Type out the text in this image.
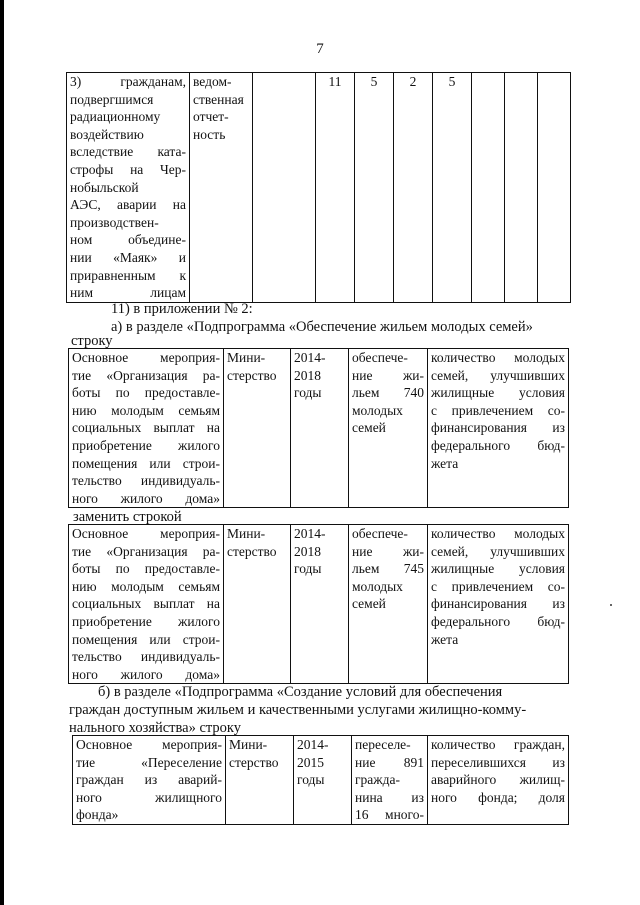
7
3)   гражданам,
подвергшимся
радиационному
воздействию
вследствие ката-
строфы на Чер-
нобыльской
АЭС, аварии на
производствен-
ном   объедине-
нии  «Маяк»  и
приравненным к
ним лицам	ведом-
ственная
отчет-
ность		11	5	2	5			
11) в приложении № 2:
а) в разделе «Подпрограмма «Обеспечение жильем молодых семей»
строку
Основное мероприя-
тие «Организация ра-
боты по предоставле-
нию молодым семьям
социальных выплат на
приобретение жилого
помещения или строи-
тельство индивидуаль-
ного жилого дома»	Мини-
стерство	2014-
2018
годы	обеспече-
ние    жи-
льем 740
молодых
семей	количество молодых
семей, улучшивших
жилищные условия
с привлечением со-
финансирования из
федерального бюд-
жета
заменить строкой
Основное мероприя-
тие «Организация ра-
боты по предоставле-
нию молодым семьям
социальных выплат на
приобретение жилого
помещения или строи-
тельство индивидуаль-
ного жилого дома»	Мини-
стерство	2014-
2018
годы	обеспече-
ние    жи-
льем 745
молодых
семей	количество молодых
семей, улучшивших
жилищные условия
с привлечением со-
финансирования из
федерального бюд-
жета
б) в разделе «Подпрограмма «Создание условий для обеспечения
граждан доступным жильем и качественными услугами жилищно-комму-
нального хозяйства» строку
Основное мероприя-
тие    «Переселение
граждан из аварий-
ного       жилищного
фонда»	Мини-
стерство	2014-
2015
годы	переселе-
ние    891
гражда-
нина   из
16 много-	количество граждан,
переселившихся из
аварийного жилищ-
ного фонда; доля
